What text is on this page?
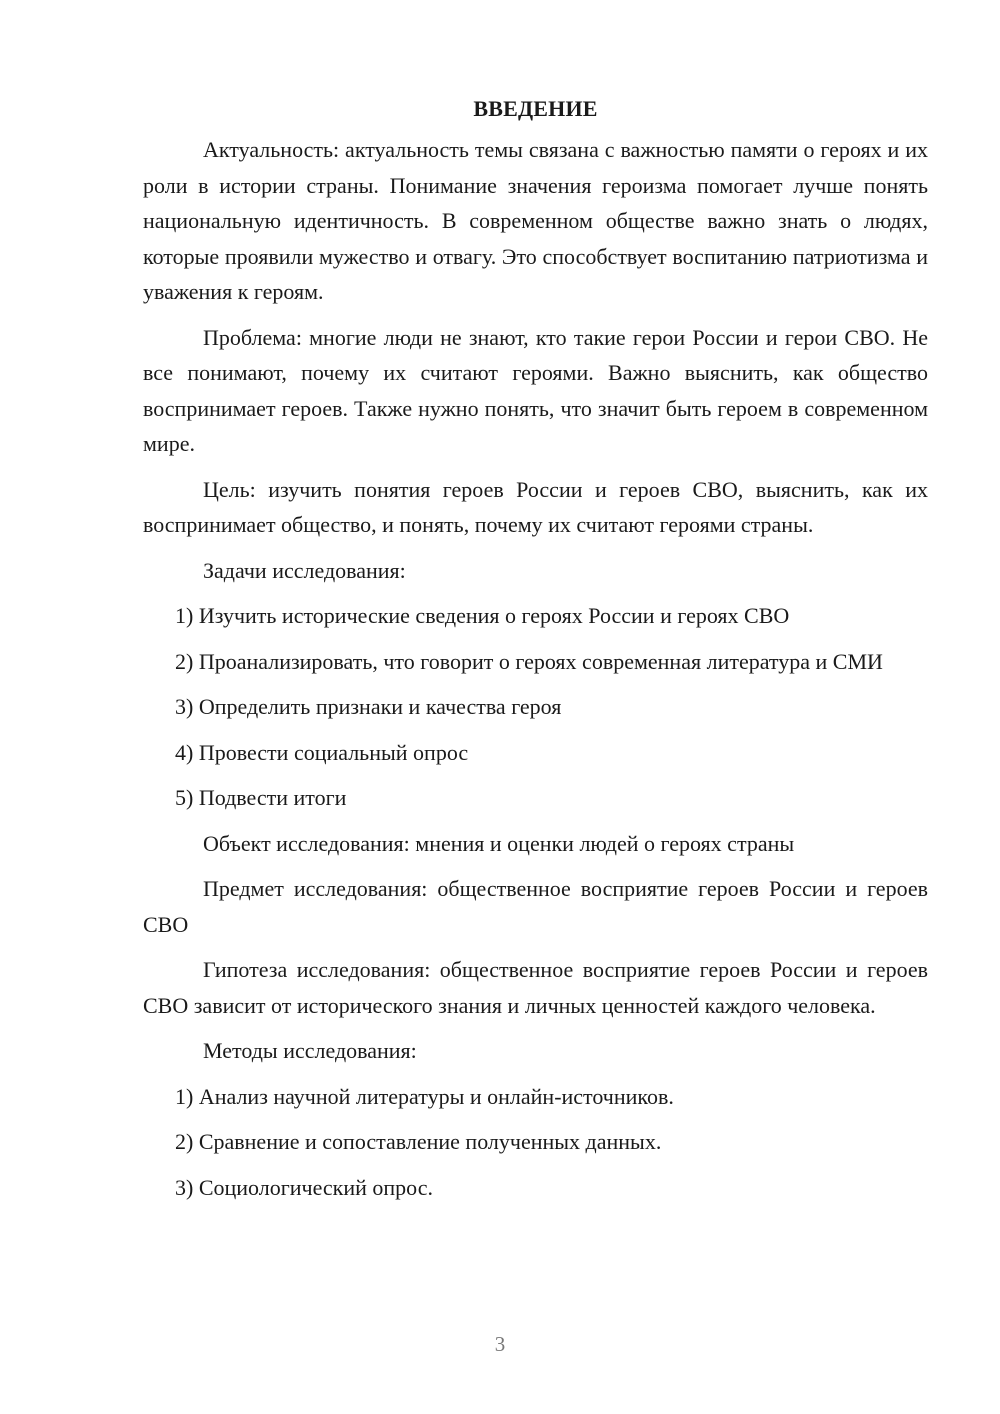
ВВЕДЕНИЕ

Актуальность: актуальность темы связана с важностью памяти о героях и их роли в истории страны. Понимание значения героизма помогает лучше понять национальную идентичность. В современном обществе важно знать о людях, которые проявили мужество и отвагу. Это способствует воспитанию патриотизма и уважения к героям.

Проблема: многие люди не знают, кто такие герои России и герои СВО. Не все понимают, почему их считают героями. Важно выяснить, как общество воспринимает героев. Также нужно понять, что значит быть героем в современном мире.

Цель: изучить понятия героев России и героев СВО, выяснить, как их воспринимает общество, и понять, почему их считают героями страны.

Задачи исследования:

1) Изучить исторические сведения о героях России и героях СВО

2) Проанализировать, что говорит о героях современная литература и СМИ

3) Определить признаки и качества героя

4) Провести социальный опрос

5) Подвести итоги

Объект исследования: мнения и оценки людей о героях страны

Предмет исследования: общественное восприятие героев России и героев СВО

Гипотеза исследования: общественное восприятие героев России и героев СВО зависит от исторического знания и личных ценностей каждого человека.

Методы исследования:

1) Анализ научной литературы и онлайн-источников.

2) Сравнение и сопоставление полученных данных.

3) Социологический опрос.

3
